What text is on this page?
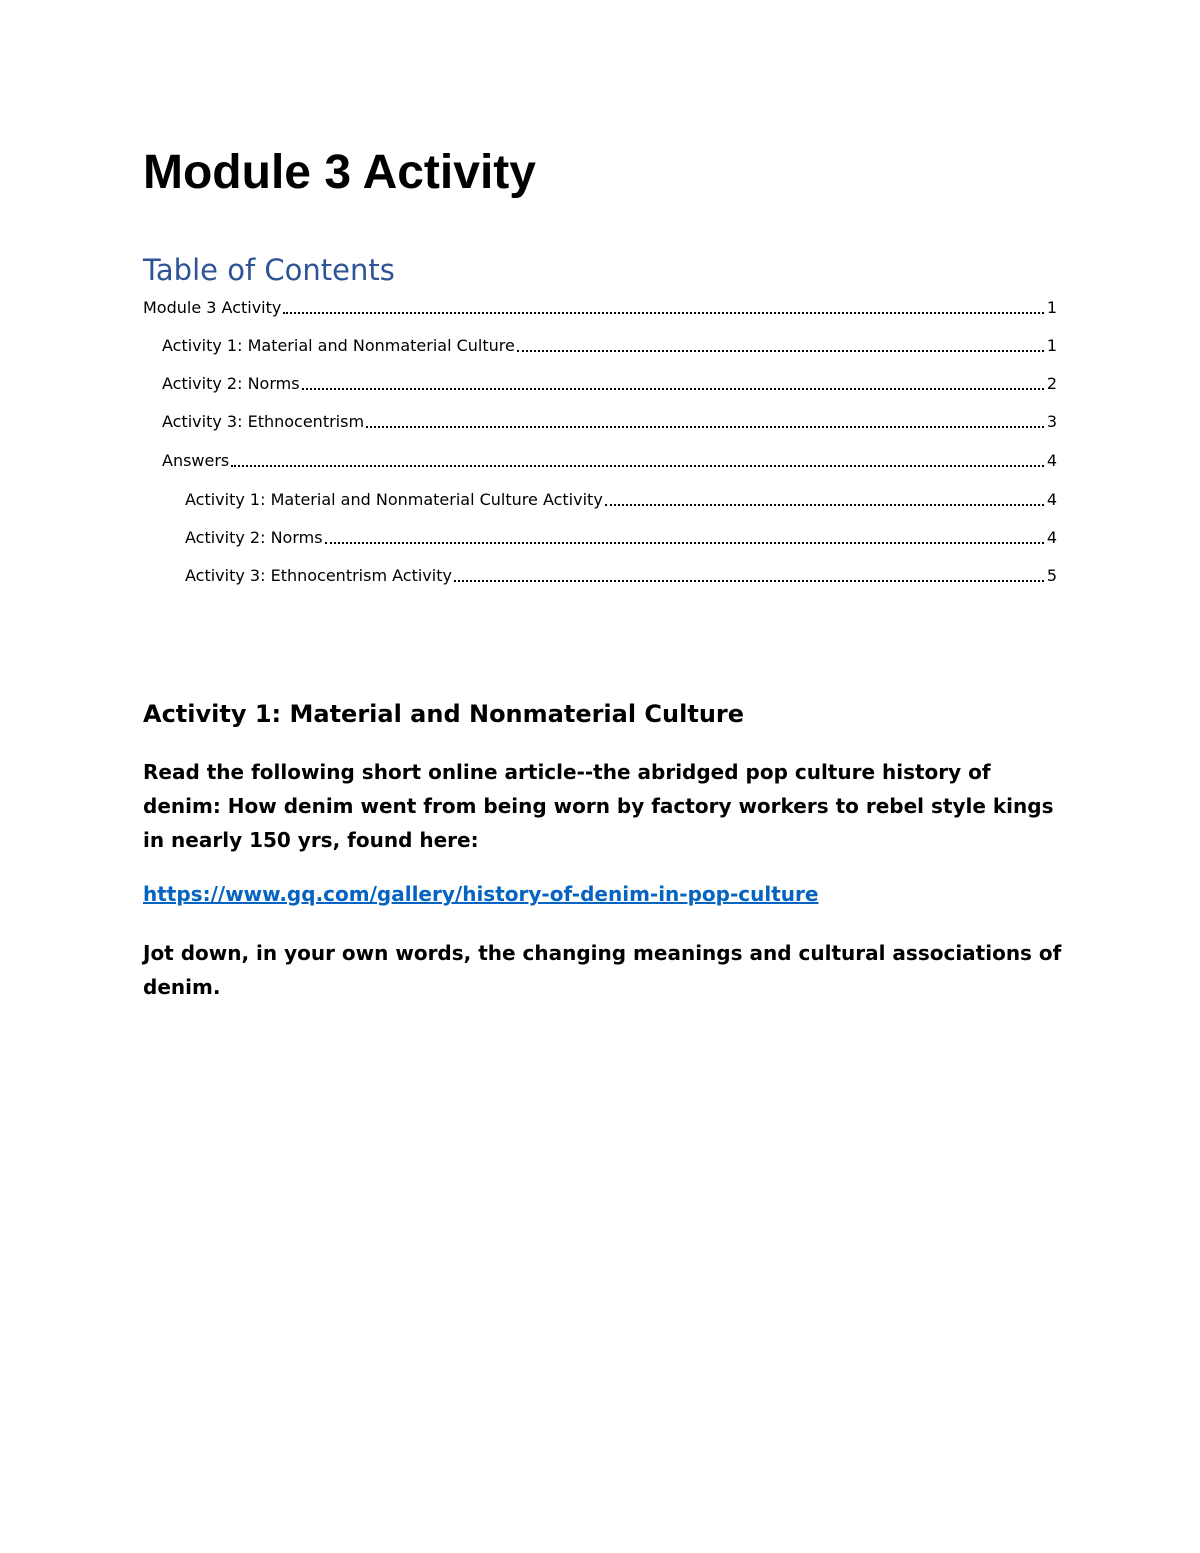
Module 3 Activity
Table of Contents
Module 3 Activity	1
Activity 1: Material and Nonmaterial Culture	1
Activity 2: Norms	2
Activity 3: Ethnocentrism	3
Answers	4
Activity 1: Material and Nonmaterial Culture Activity	4
Activity 2: Norms	4
Activity 3: Ethnocentrism Activity	5
Activity 1: Material and Nonmaterial Culture

Read the following short online article--the abridged pop culture history of denim: How denim went from being worn by factory workers to rebel style kings in nearly 150 yrs, found here:

https://www.gq.com/gallery/history-of-denim-in-pop-culture

Jot down, in your own words, the changing meanings and cultural associations of denim.
